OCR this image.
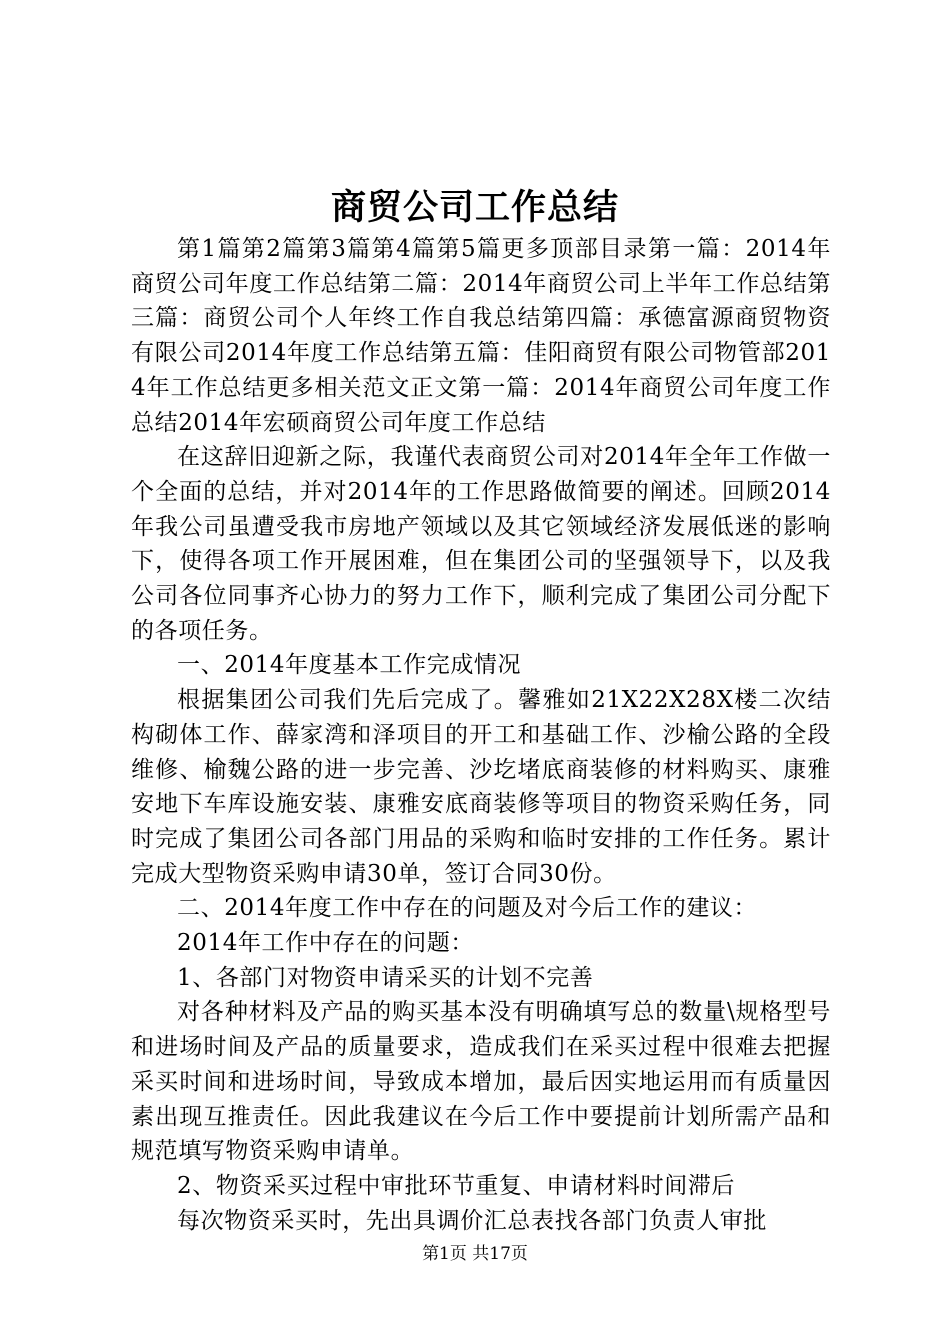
商贸公司工作总结

第1篇第2篇第3篇第4篇第5篇更多顶部目录第一篇：2014年商贸公司年度工作总结第二篇：2014年商贸公司上半年工作总结第三篇：商贸公司个人年终工作自我总结第四篇：承德富源商贸物资有限公司2014年度工作总结第五篇：佳阳商贸有限公司物管部2014年工作总结更多相关范文正文第一篇：2014年商贸公司年度工作总结2014年宏硕商贸公司年度工作总结

在这辞旧迎新之际，我谨代表商贸公司对2014年全年工作做一个全面的总结，并对2014年的工作思路做简要的阐述。回顾2014年我公司虽遭受我市房地产领域以及其它领域经济发展低迷的影响下，使得各项工作开展困难，但在集团公司的坚强领导下，以及我公司各位同事齐心协力的努力工作下，顺利完成了集团公司分配下的各项任务。

一、2014年度基本工作完成情况

根据集团公司我们先后完成了。馨雅如21X22X28X楼二次结构砌体工作、薛家湾和泽项目的开工和基础工作、沙榆公路的全段维修、榆魏公路的进一步完善、沙圪堵底商装修的材料购买、康雅安地下车库设施安装、康雅安底商装修等项目的物资采购任务，同时完成了集团公司各部门用品的采购和临时安排的工作任务。累计完成大型物资采购申请30单，签订合同30份。

二、2014年度工作中存在的问题及对今后工作的建议：

2014年工作中存在的问题：

1、各部门对物资申请采买的计划不完善

对各种材料及产品的购买基本没有明确填写总的数量\规格型号和进场时间及产品的质量要求，造成我们在采买过程中很难去把握采买时间和进场时间，导致成本增加，最后因实地运用而有质量因素出现互推责任。因此我建议在今后工作中要提前计划所需产品和规范填写物资采购申请单。

2、物资采买过程中审批环节重复、申请材料时间滞后

每次物资采买时，先出具调价汇总表找各部门负责人审批

第1页 共17页
